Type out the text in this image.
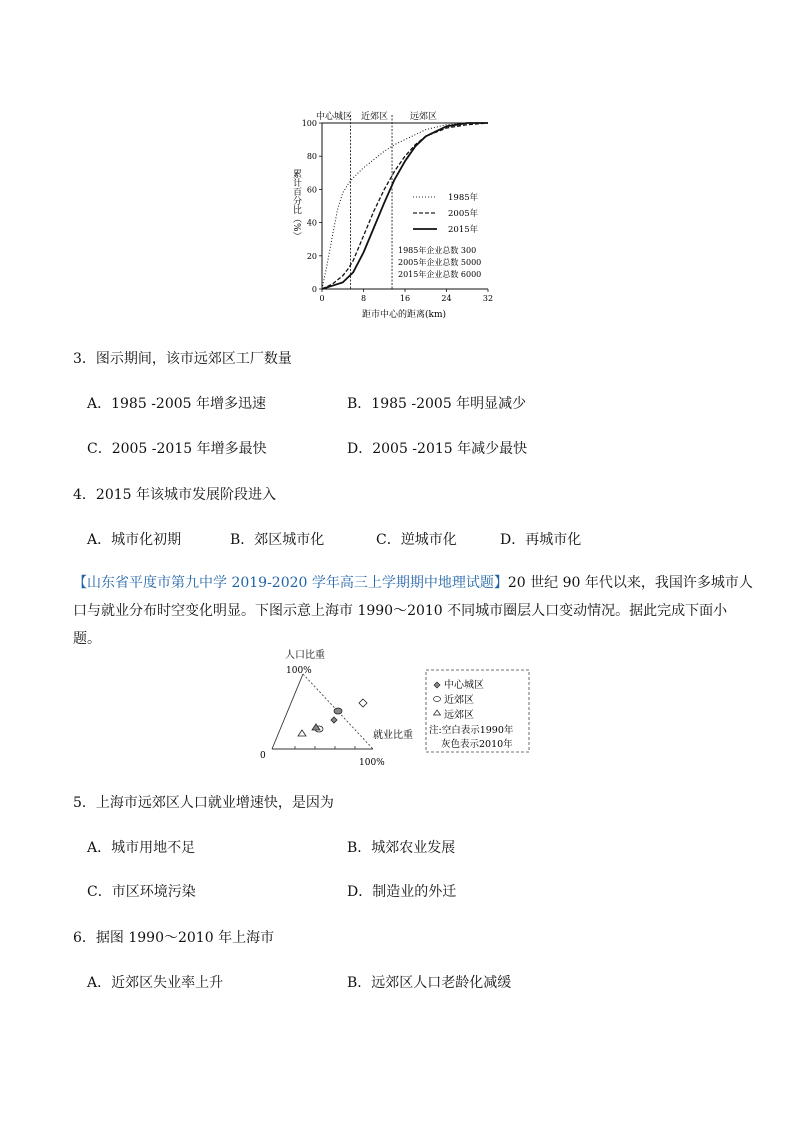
中心城区 近郊区 远郊区
累计百分比（%）
0
20
40
60
80
100
0	8	16	24	32
1985年
2005年
2015年
1985年企业总数 300
2005年企业总数 5000
2015年企业总数 6000
距市中心的距离(km)
3．图示期间，该市远郊区工厂数量
A．1985 -2005 年增多迅速	B．1985 -2005 年明显减少
C．2005 -2015 年增多最快	D．2005 -2015 年减少最快
4．2015 年该城市发展阶段进入
A．城市化初期	B．郊区城市化	C．逆城市化	D．再城市化
【山东省平度市第九中学 2019-2020 学年高三上学期期中地理试题】20 世纪 90 年代以来，我国许多城市人
口与就业分布时空变化明显。下图示意上海市 1990～2010 不同城市圈层人口变动情况。据此完成下面小题。
人口比重
100%
0
就业比重
100%
中心城区
近郊区
远郊区
注:空白表示1990年
灰色表示2010年
5．上海市远郊区人口就业增速快，是因为
A．城市用地不足	B．城郊农业发展
C．市区环境污染	D．制造业的外迁
6．据图 1990～2010 年上海市
A．近郊区失业率上升	B．远郊区人口老龄化减缓
